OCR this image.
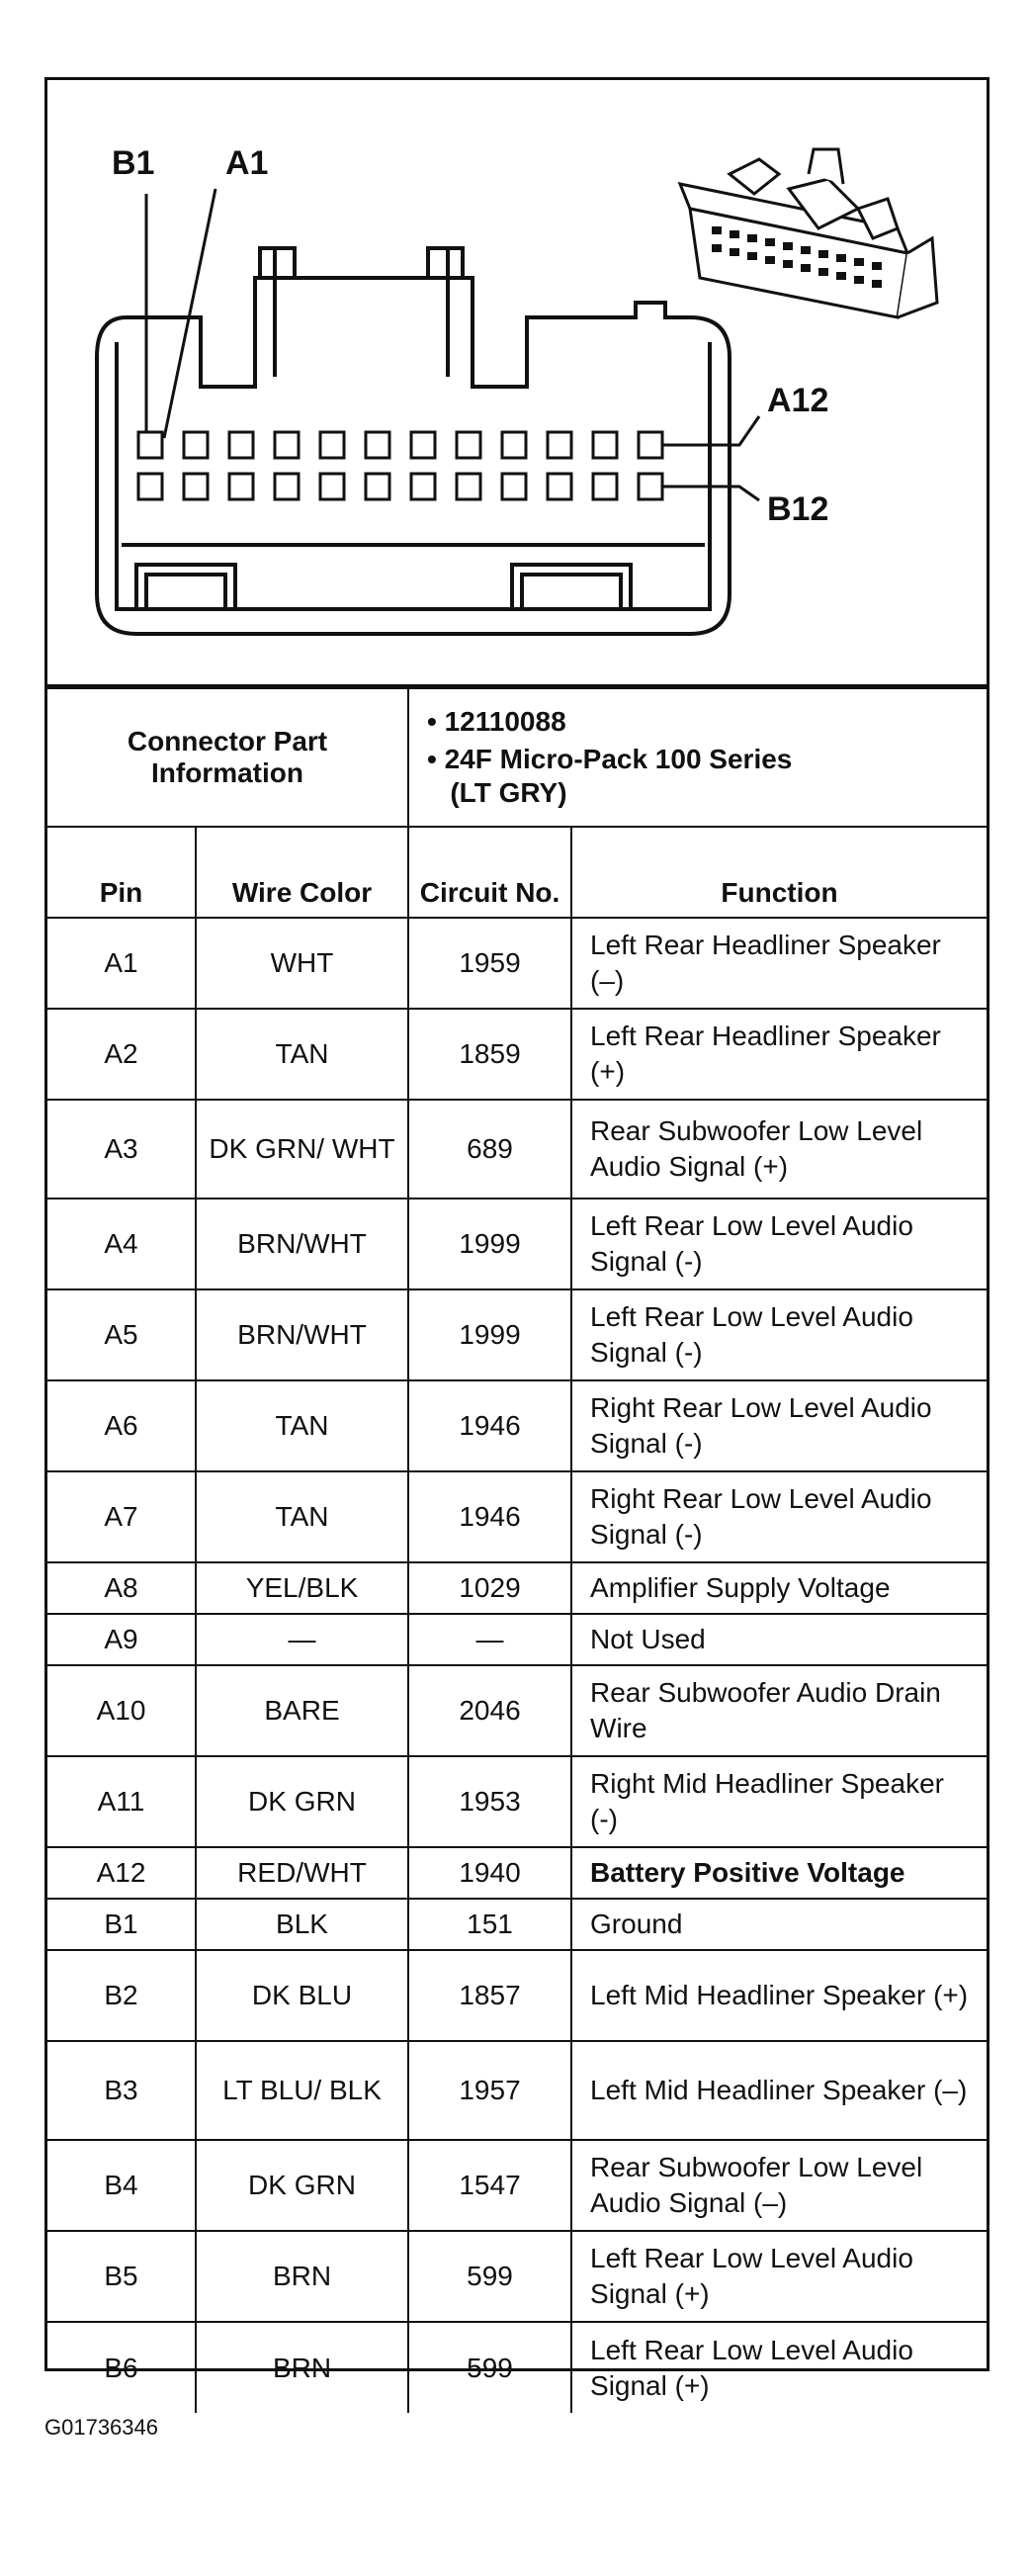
B1 A1
A12
B12
Connector Part Information		• 12110088
• 24F Micro-Pack 100 Series
(LT GRY)	

Pin	Wire Color	Circuit No.	Function
A1	WHT	1959	Left Rear Headliner Speaker (–)
A2	TAN	1859	Left Rear Headliner Speaker (+)
A3	DK GRN/ WHT	689	Rear Subwoofer Low Level Audio Signal (+)
A4	BRN/WHT	1999	Left Rear Low Level Audio Signal (-)
A5	BRN/WHT	1999	Left Rear Low Level Audio Signal (-)
A6	TAN	1946	Right Rear Low Level Audio Signal (-)
A7	TAN	1946	Right Rear Low Level Audio Signal (-)
A8	YEL/BLK	1029	Amplifier Supply Voltage
A9	—	—	Not Used
A10	BARE	2046	Rear Subwoofer Audio Drain Wire
A11	DK GRN	1953	Right Mid Headliner Speaker (-)
A12	RED/WHT	1940	Battery Positive Voltage
B1	BLK	151	Ground
B2	DK BLU	1857	Left Mid Headliner Speaker (+)
B3	LT BLU/ BLK	1957	Left Mid Headliner Speaker (–)
B4	DK GRN	1547	Rear Subwoofer Low Level Audio Signal (–)
B5	BRN	599	Left Rear Low Level Audio Signal (+)
B6	BRN	599	Left Rear Low Level Audio Signal (+)
G01736346
